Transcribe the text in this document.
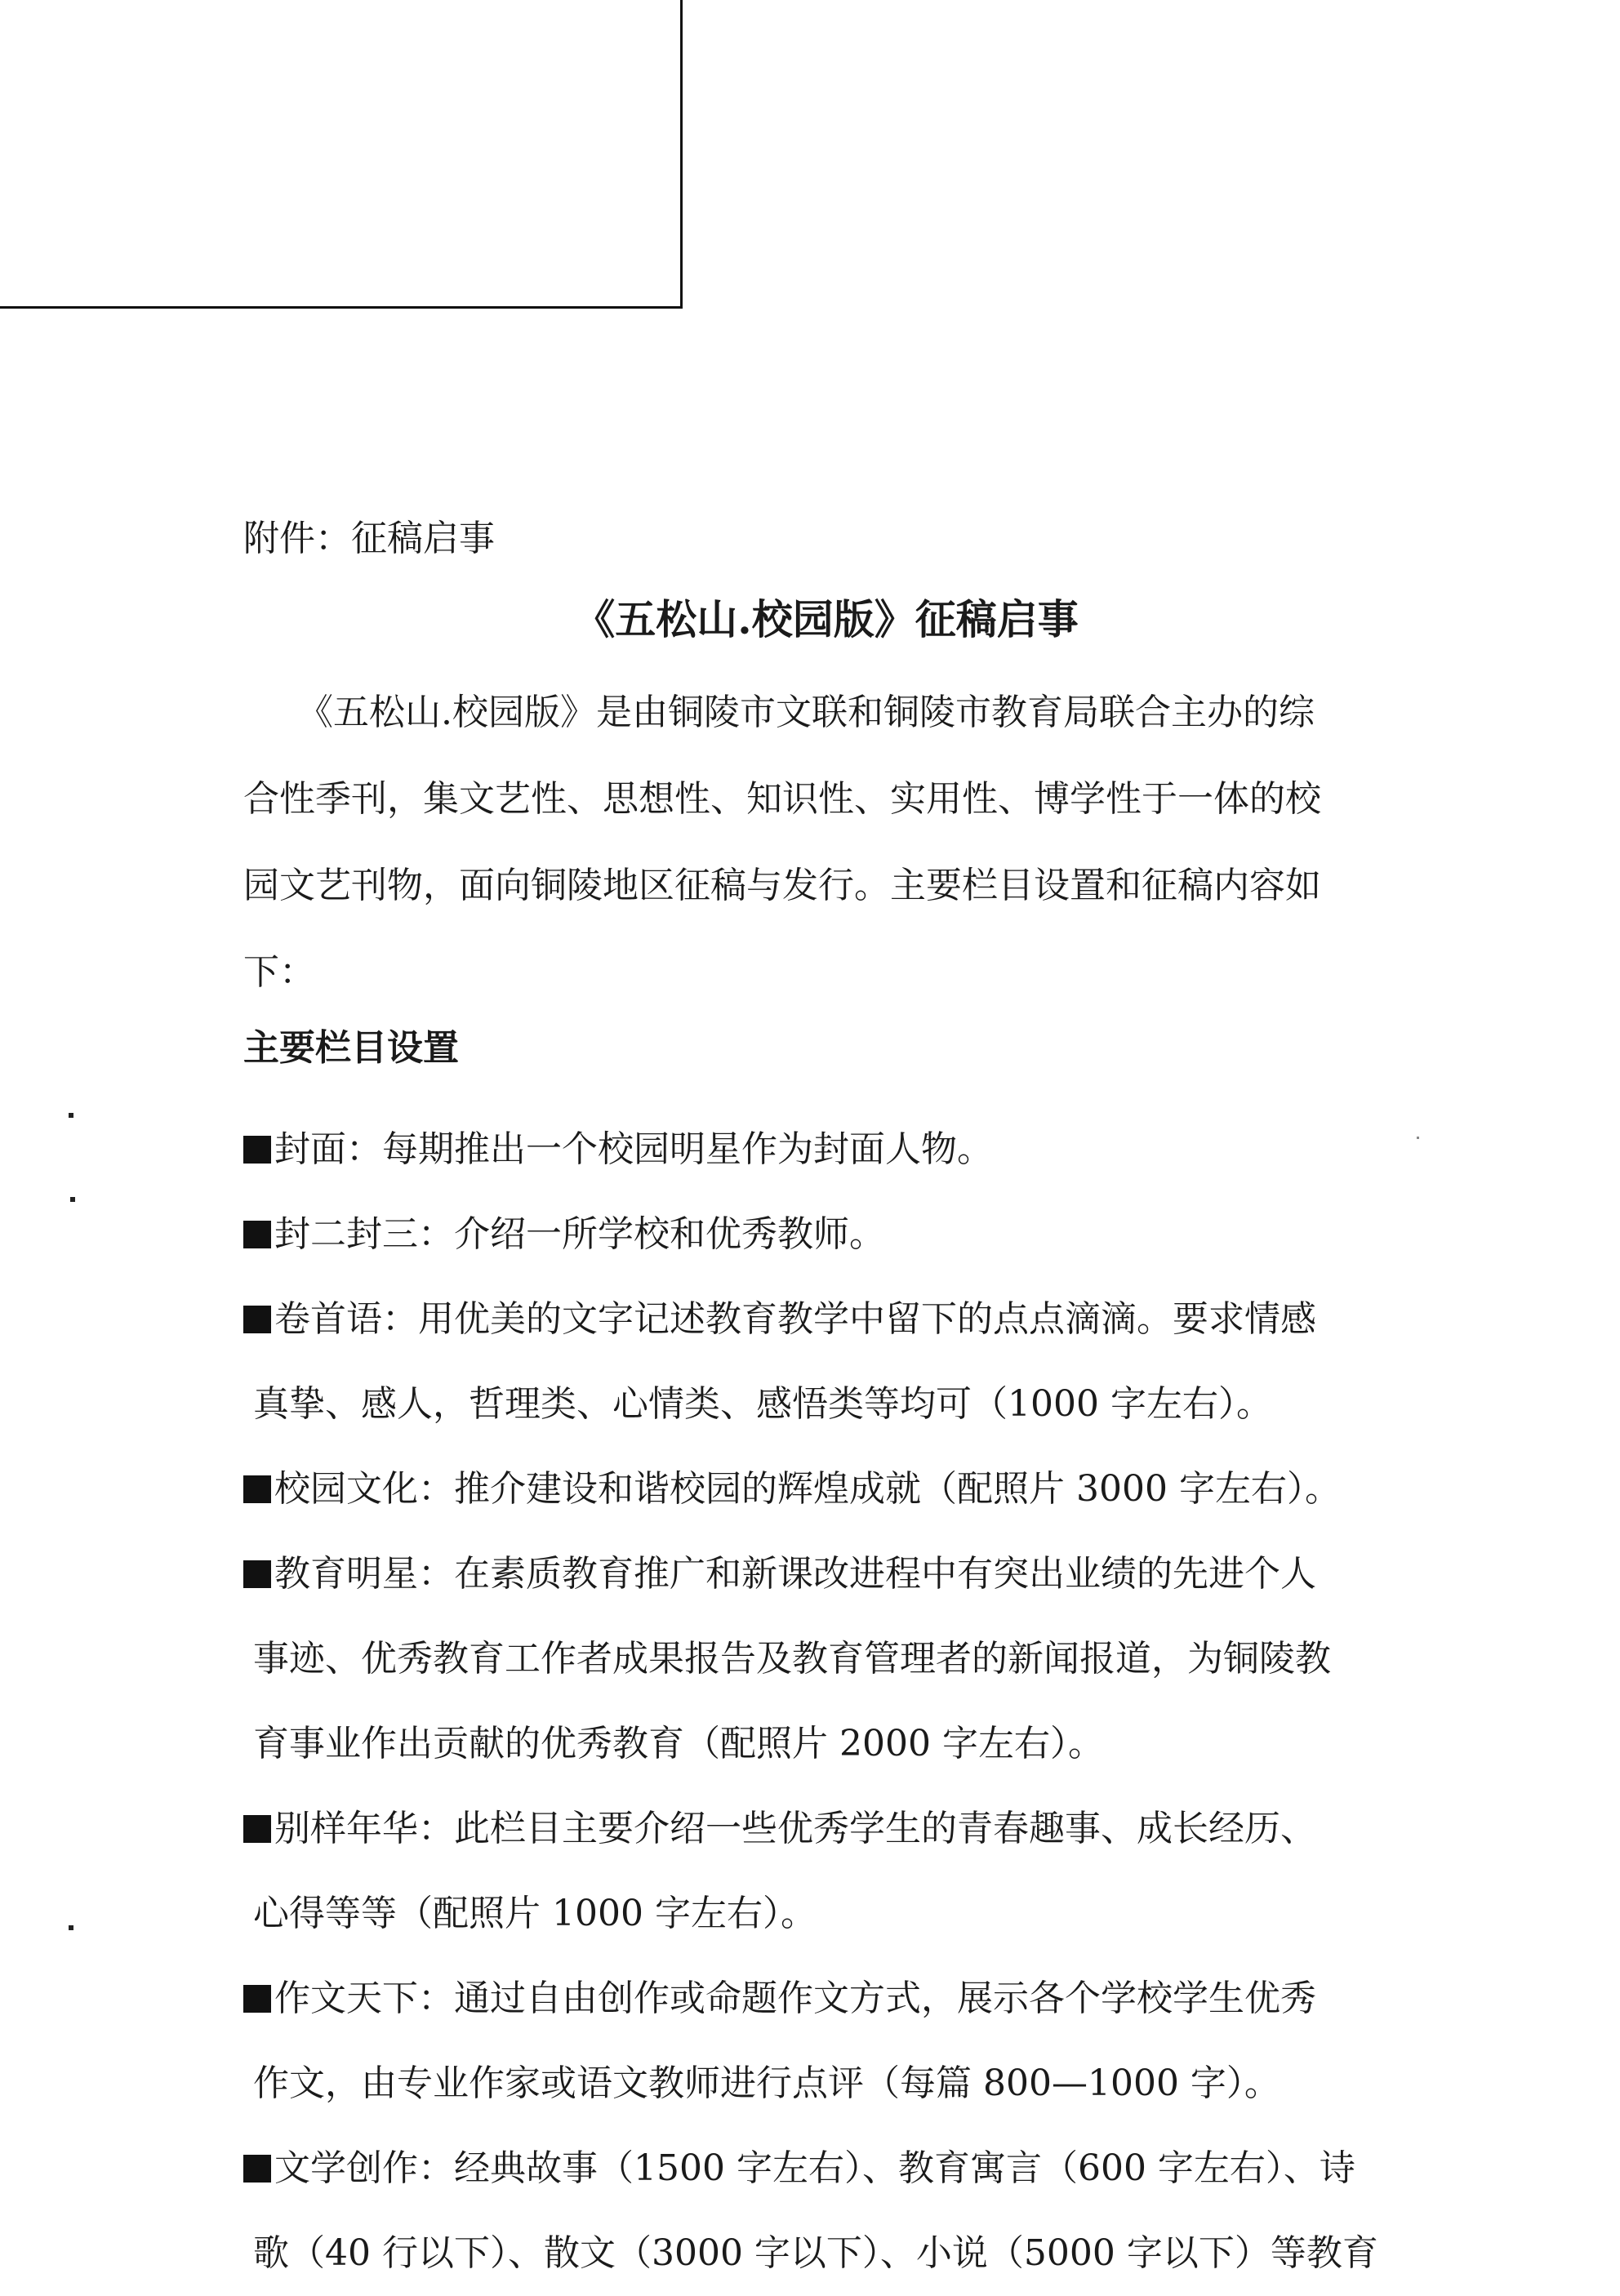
附件：征稿启事
《五松山.校园版》征稿启事
《五松山.校园版》是由铜陵市文联和铜陵市教育局联合主办的综
合性季刊，集文艺性、思想性、知识性、实用性、博学性于一体的校
园文艺刊物，面向铜陵地区征稿与发行。主要栏目设置和征稿内容如
下：
主要栏目设置
封面：每期推出一个校园明星作为封面人物。
封二封三：介绍一所学校和优秀教师。
卷首语：用优美的文字记述教育教学中留下的点点滴滴。要求情感
真挚、感人，哲理类、心情类、感悟类等均可（1000 字左右）。
校园文化：推介建设和谐校园的辉煌成就（配照片 3000 字左右）。
教育明星：在素质教育推广和新课改进程中有突出业绩的先进个人
事迹、优秀教育工作者成果报告及教育管理者的新闻报道，为铜陵教
育事业作出贡献的优秀教育（配照片 2000 字左右）。
别样年华：此栏目主要介绍一些优秀学生的青春趣事、成长经历、
心得等等（配照片 1000 字左右）。
作文天下：通过自由创作或命题作文方式，展示各个学校学生优秀
作文，由专业作家或语文教师进行点评（每篇 800—1000 字）。
文学创作：经典故事（1500 字左右）、教育寓言（600 字左右）、诗
歌（40 行以下）、散文（3000 字以下）、小说（5000 字以下）等教育
